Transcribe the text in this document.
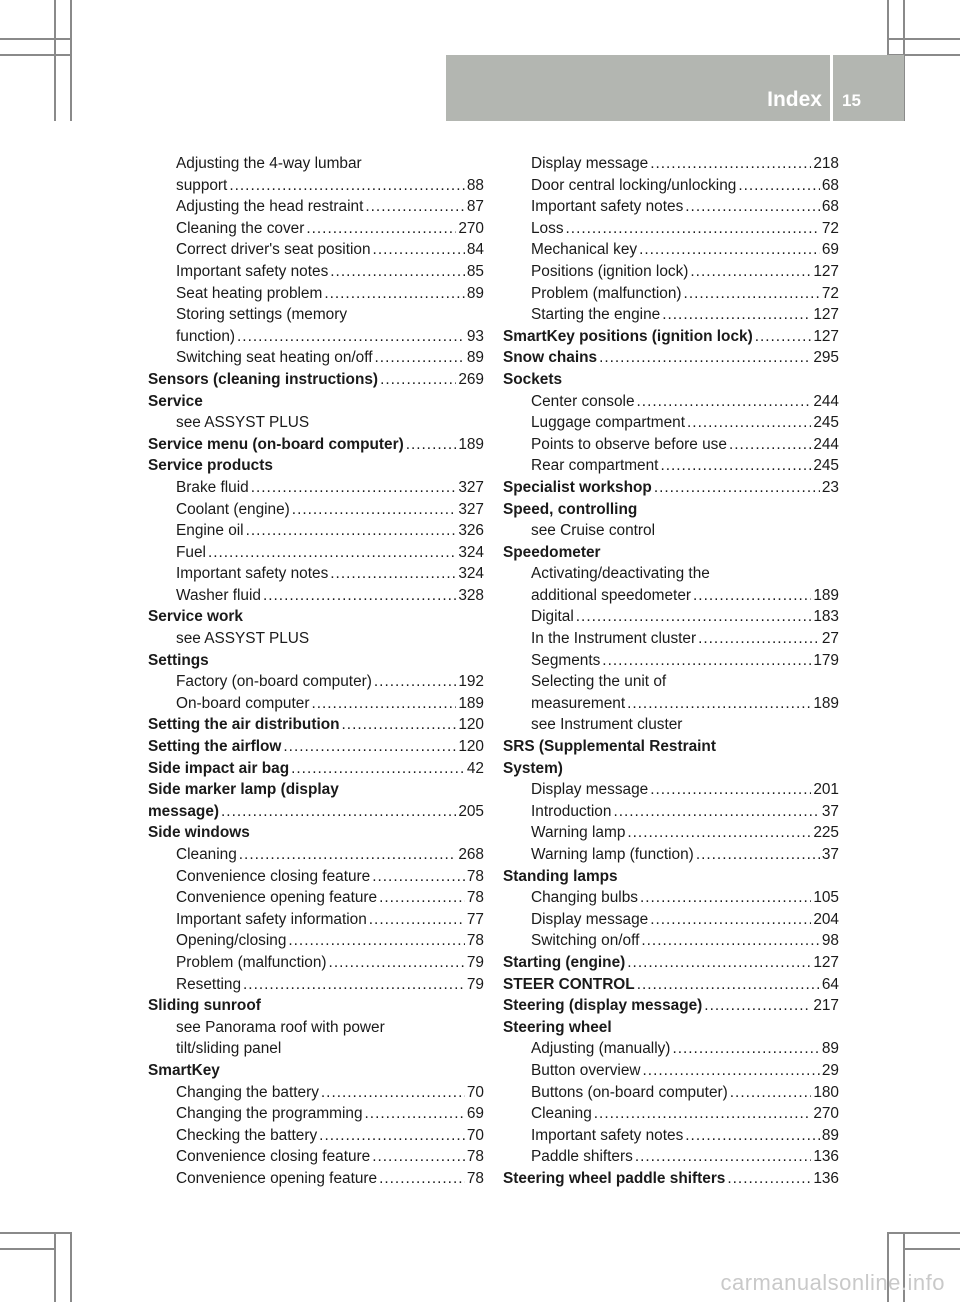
Index 15
Adjusting the 4-way lumbar
support .....	88
Adjusting the head restraint .....	87
Cleaning the cover .....	270
Correct driver's seat position .....	84
Important safety notes .....	85
Seat heating problem .....	89
Storing settings (memory
function) .....	93
Switching seat heating on/off .....	89
Sensors (cleaning instructions) .....	269
Service
see ASSYST PLUS
Service menu (on-board computer) .....	189
Service products
Brake fluid .....	327
Coolant (engine) .....	327
Engine oil .....	326
Fuel .....	324
Important safety notes .....	324
Washer fluid .....	328
Service work
see ASSYST PLUS
Settings
Factory (on-board computer) .....	192
On-board computer .....	189
Setting the air distribution .....	120
Setting the airflow .....	120
Side impact air bag .....	42
Side marker lamp (display
message) .....	205
Side windows
Cleaning .....	268
Convenience closing feature .....	78
Convenience opening feature .....	78
Important safety information .....	77
Opening/closing .....	78
Problem (malfunction) .....	79
Resetting .....	79
Sliding sunroof
see Panorama roof with power
tilt/sliding panel
SmartKey
Changing the battery .....	70
Changing the programming .....	69
Checking the battery .....	70
Convenience closing feature .....	78
Convenience opening feature .....	78
Display message .....	218
Door central locking/unlocking .....	68
Important safety notes .....	68
Loss .....	72
Mechanical key .....	69
Positions (ignition lock) .....	127
Problem (malfunction) .....	72
Starting the engine .....	127
SmartKey positions (ignition lock) .....	127
Snow chains .....	295
Sockets
Center console .....	244
Luggage compartment .....	245
Points to observe before use .....	244
Rear compartment .....	245
Specialist workshop .....	23
Speed, controlling
see Cruise control
Speedometer
Activating/deactivating the
additional speedometer .....	189
Digital .....	183
In the Instrument cluster .....	27
Segments .....	179
Selecting the unit of
measurement .....	189
see Instrument cluster
SRS (Supplemental Restraint
System)
Display message .....	201
Introduction .....	37
Warning lamp .....	225
Warning lamp (function) .....	37
Standing lamps
Changing bulbs .....	105
Display message .....	204
Switching on/off .....	98
Starting (engine) .....	127
STEER CONTROL .....	64
Steering (display message) .....	217
Steering wheel
Adjusting (manually) .....	89
Button overview .....	29
Buttons (on-board computer) .....	180
Cleaning .....	270
Important safety notes .....	89
Paddle shifters .....	136
Steering wheel paddle shifters .....	136
carmanualsonline.info
